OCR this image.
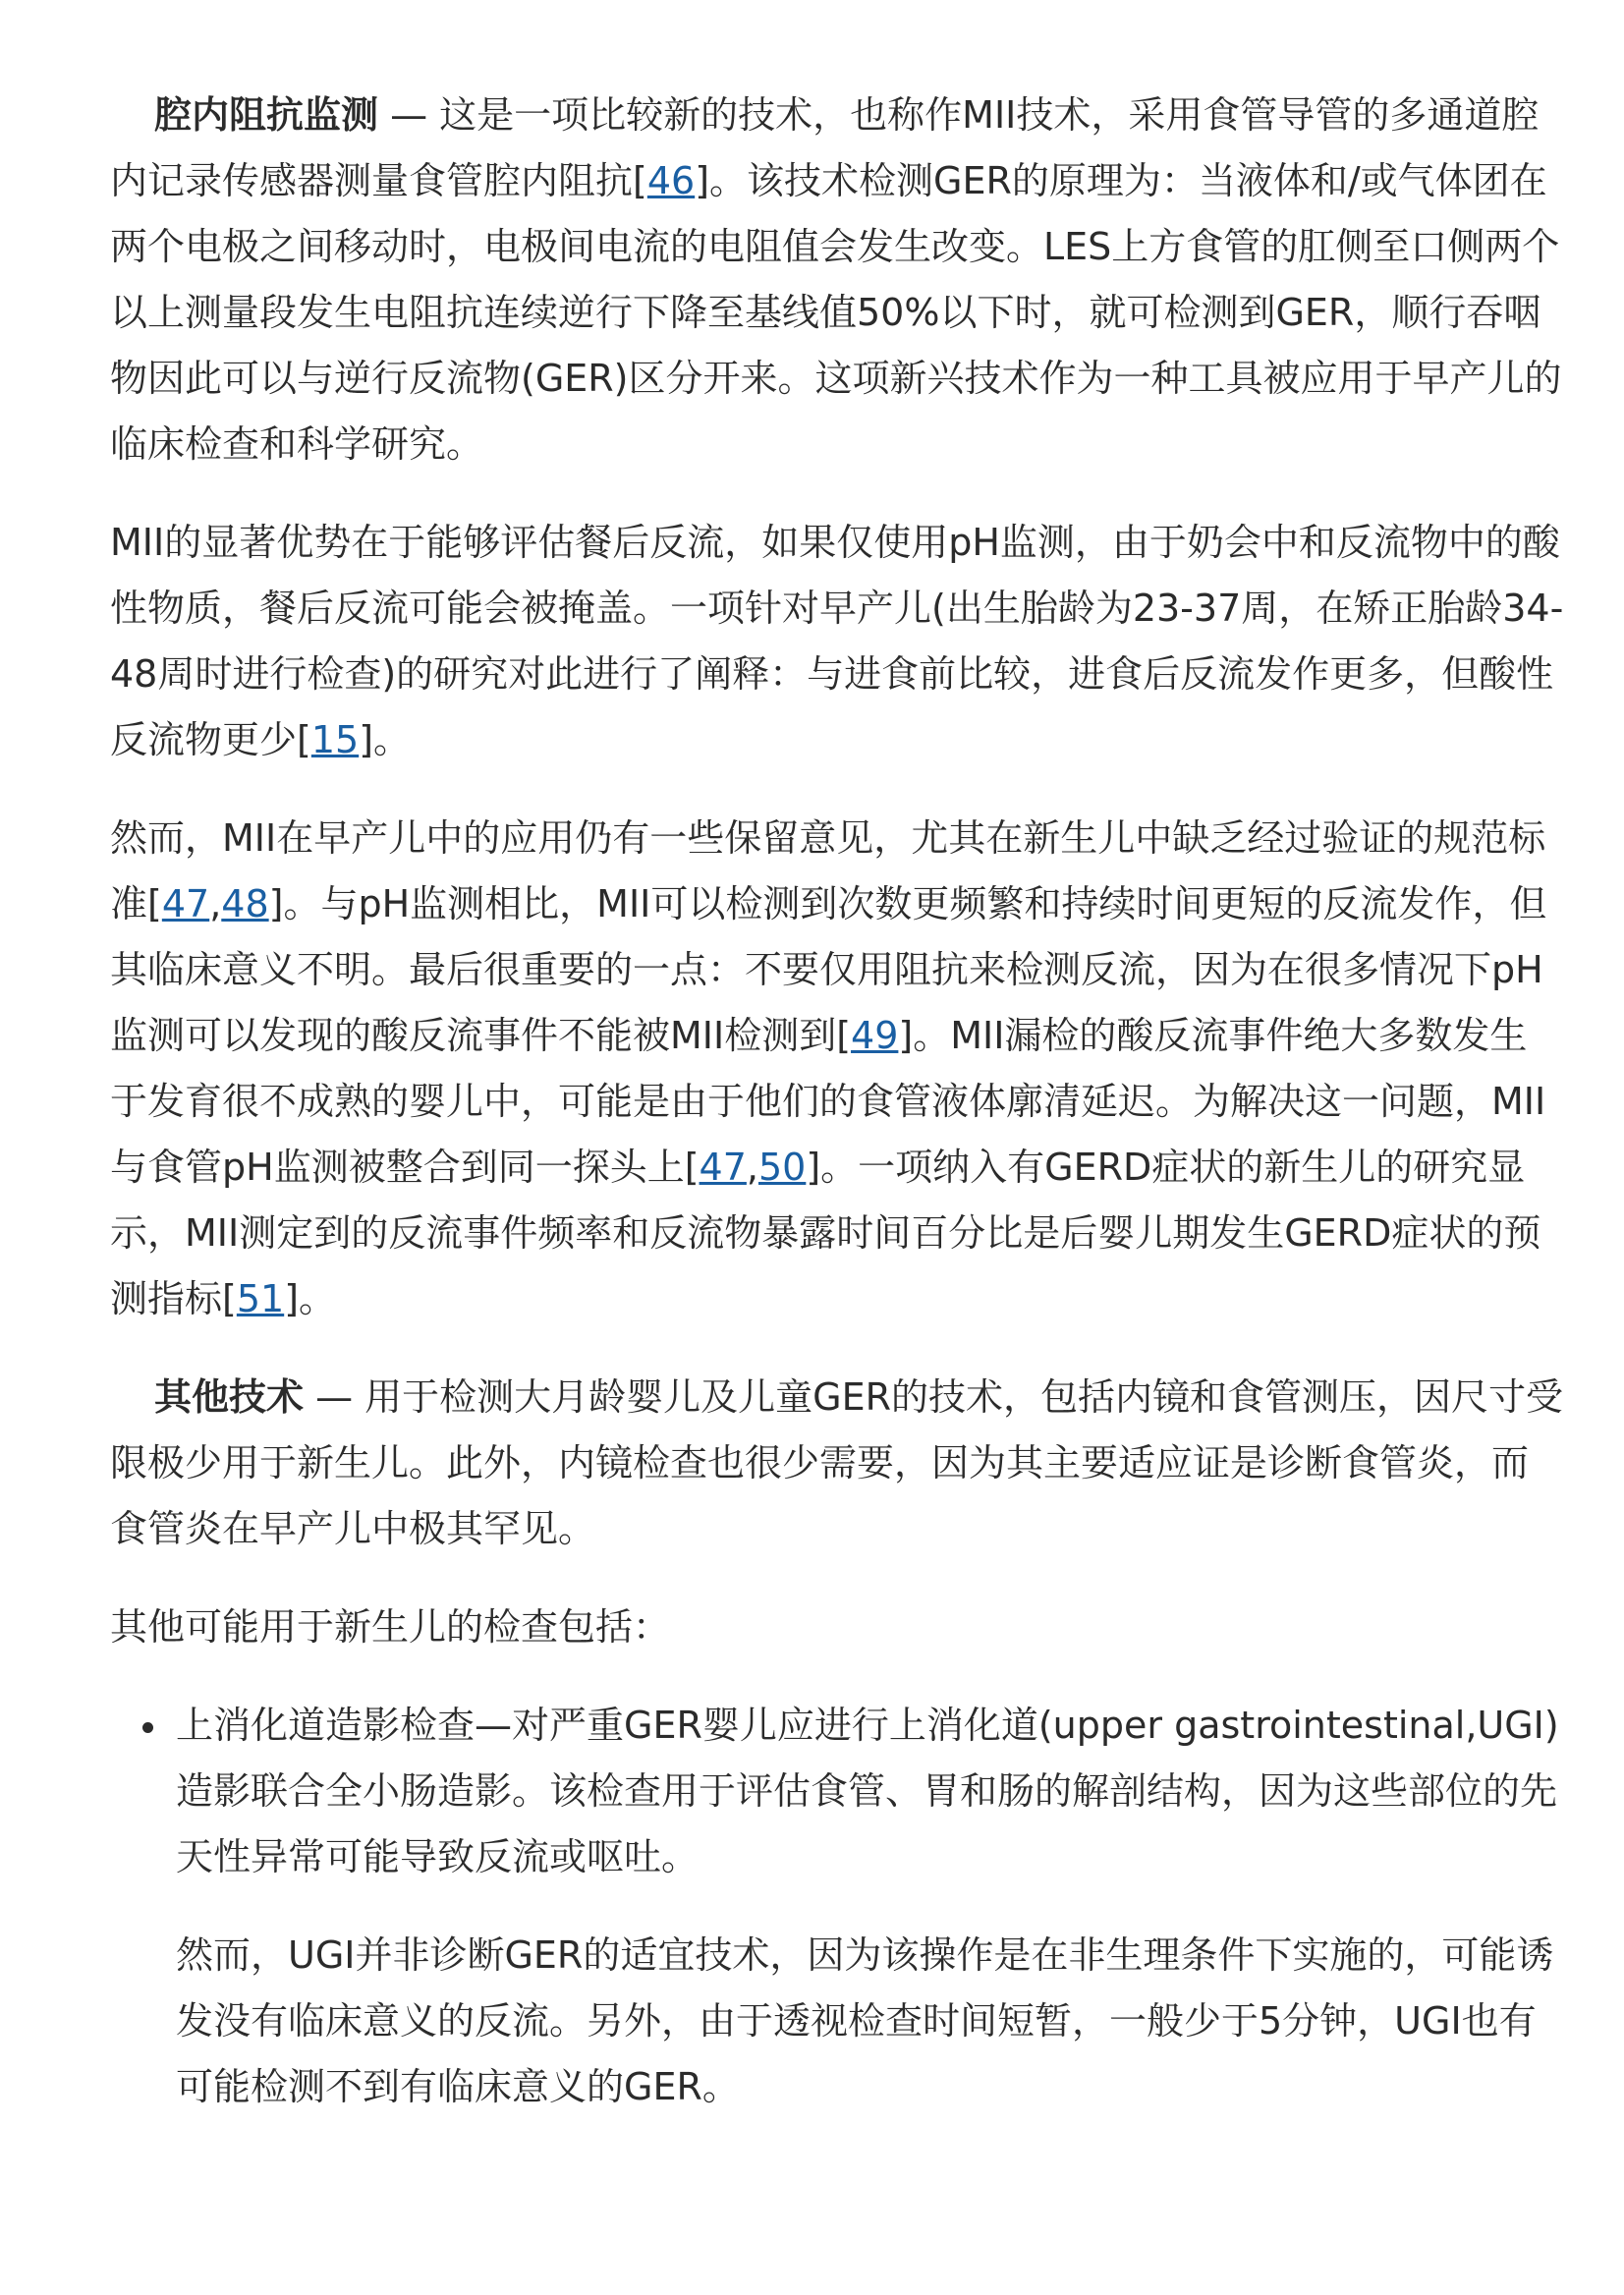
腔内阻抗监测 — 这是一项比较新的技术，也称作MII技术，采用食管导管的多通道腔内记录传感器测量食管腔内阻抗[46]。该技术检测GER的原理为：当液体和/或气体团在两个电极之间移动时，电极间电流的电阻值会发生改变。LES上方食管的肛侧至口侧两个以上测量段发生电阻抗连续逆行下降至基线值50%以下时，就可检测到GER，顺行吞咽物因此可以与逆行反流物(GER)区分开来。这项新兴技术作为一种工具被应用于早产儿的临床检查和科学研究。

MII的显著优势在于能够评估餐后反流，如果仅使用pH监测，由于奶会中和反流物中的酸性物质，餐后反流可能会被掩盖。一项针对早产儿(出生胎龄为23-37周，在矫正胎龄34-48周时进行检查)的研究对此进行了阐释：与进食前比较，进食后反流发作更多，但酸性反流物更少[15]。

然而，MII在早产儿中的应用仍有一些保留意见，尤其在新生儿中缺乏经过验证的规范标准[47,48]。与pH监测相比，MII可以检测到次数更频繁和持续时间更短的反流发作，但其临床意义不明。最后很重要的一点：不要仅用阻抗来检测反流，因为在很多情况下pH监测可以发现的酸反流事件不能被MII检测到[49]。MII漏检的酸反流事件绝大多数发生于发育很不成熟的婴儿中，可能是由于他们的食管液体廓清延迟。为解决这一问题，MII与食管pH监测被整合到同一探头上[47,50]。一项纳入有GERD症状的新生儿的研究显示，MII测定到的反流事件频率和反流物暴露时间百分比是后婴儿期发生GERD症状的预测指标[51]。

其他技术 — 用于检测大月龄婴儿及儿童GER的技术，包括内镜和食管测压，因尺寸受限极少用于新生儿。此外，内镜检查也很少需要，因为其主要适应证是诊断食管炎，而食管炎在早产儿中极其罕见。

其他可能用于新生儿的检查包括：

上消化道造影检查—对严重GER婴儿应进行上消化道(upper gastrointestinal,UGI)造影联合全小肠造影。该检查用于评估食管、胃和肠的解剖结构，因为这些部位的先天性异常可能导致反流或呕吐。

然而，UGI并非诊断GER的适宜技术，因为该操作是在非生理条件下实施的，可能诱发没有临床意义的反流。另外，由于透视检查时间短暂，一般少于5分钟，UGI也有可能检测不到有临床意义的GER。
